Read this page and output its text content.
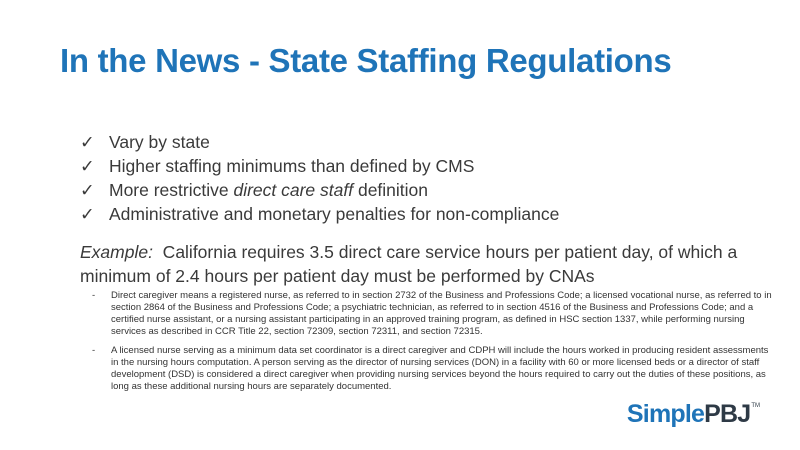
In the News - State Staffing Regulations
✓ Vary by state
✓ Higher staffing minimums than defined by CMS
✓ More restrictive direct care staff definition
✓ Administrative and monetary penalties for non-compliance
Example:  California requires 3.5 direct care service hours per patient day, of which a minimum of 2.4 hours per patient day must be performed by CNAs
-	Direct caregiver means a registered nurse, as referred to in section 2732 of the Business and Professions Code; a licensed vocational nurse, as referred to in section 2864 of the Business and Professions Code; a psychiatric technician, as referred to in section 4516 of the Business and Professions Code; and a certified nurse assistant, or a nursing assistant participating in an approved training program, as defined in HSC section 1337, while performing nursing services as described in CCR Title 22, section 72309, section 72311, and section 72315.
-	A licensed nurse serving as a minimum data set coordinator is a direct caregiver and CDPH will include the hours worked in producing resident assessments in the nursing hours computation. A person serving as the director of nursing services (DON) in a facility with 60 or more licensed beds or a director of staff development (DSD) is considered a direct caregiver when providing nursing services beyond the hours required to carry out the duties of these positions, as long as these additional nursing hours are separately documented.
Simple PBJ TM
